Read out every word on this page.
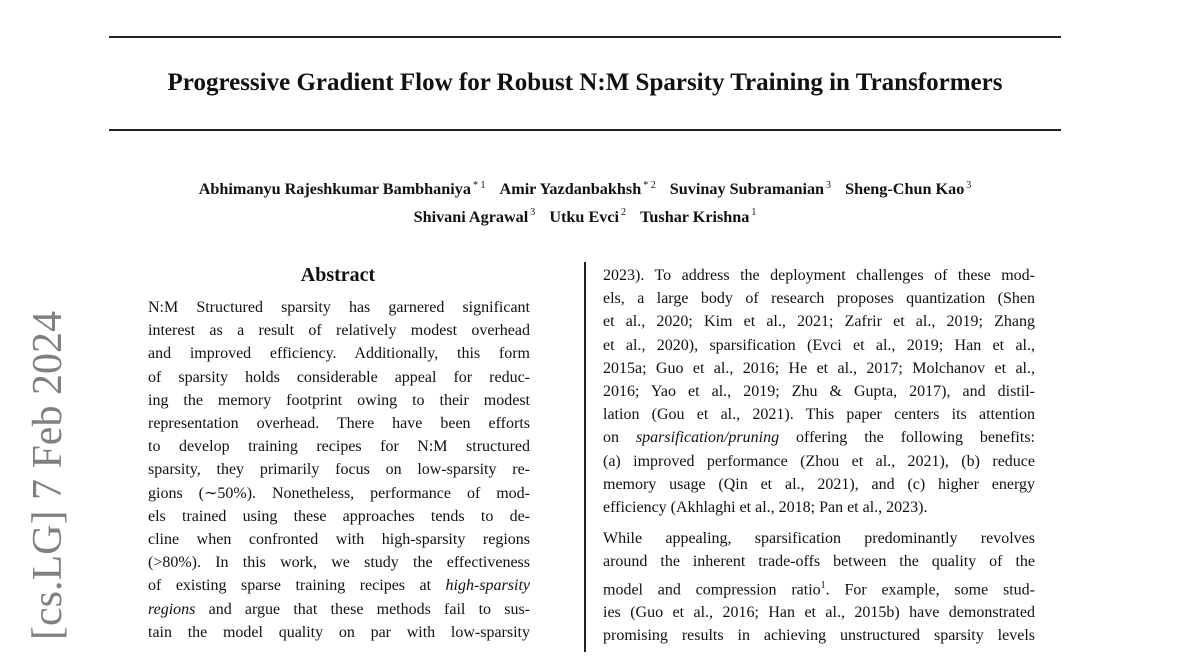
Progressive Gradient Flow for Robust N:M Sparsity Training in Transformers
Abhimanyu Rajeshkumar Bambhaniya $^{* 1}$ Amir Yazdanbakhsh $^{* 2}$ Suvinay Subramanian $^3$ Sheng-Chun Kao $^3$
Shivani Agrawal $^3$ Utku Evci $^2$ Tushar Krishna $^1$
[cs.LG] 7 Feb 2024
Abstract
N:M Structured sparsity has garnered significant
interest as a result of relatively modest overhead
and improved efficiency. Additionally, this form
of sparsity holds considerable appeal for reduc-
ing the memory footprint owing to their modest
representation overhead. There have been efforts
to develop training recipes for N:M structured
sparsity, they primarily focus on low-sparsity re-
gions (∼50%). Nonetheless, performance of mod-
els trained using these approaches tends to de-
cline when confronted with high-sparsity regions
(>80%). In this work, we study the effectiveness
of existing sparse training recipes at high-sparsity
regions and argue that these methods fail to sus-
tain the model quality on par with low-sparsity

2023). To address the deployment challenges of these mod-
els, a large body of research proposes quantization (Shen
et al., 2020; Kim et al., 2021; Zafrir et al., 2019; Zhang
et al., 2020), sparsification (Evci et al., 2019; Han et al.,
2015a; Guo et al., 2016; He et al., 2017; Molchanov et al.,
2016; Yao et al., 2019; Zhu & Gupta, 2017), and distil-
lation (Gou et al., 2021). This paper centers its attention
on sparsification/pruning offering the following benefits:
(a) improved performance (Zhou et al., 2021), (b) reduce
memory usage (Qin et al., 2021), and (c) higher energy
efficiency (Akhlaghi et al., 2018; Pan et al., 2023).

While appealing, sparsification predominantly revolves
around the inherent trade-offs between the quality of the
model and compression ratio$^1$. For example, some stud-
ies (Guo et al., 2016; Han et al., 2015b) have demonstrated
promising results in achieving unstructured sparsity levels
